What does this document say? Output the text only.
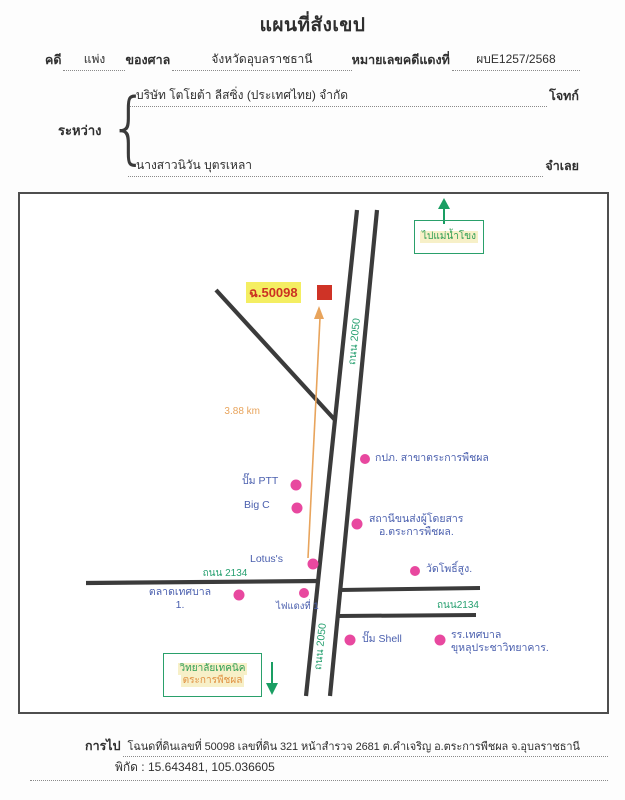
แผนที่สังเขป
คดี	แพ่ง	ของศาล	จังหวัดอุบลราชธานี	หมายเลขคดีแดงที่	ผบE1257/2568
บริษัท โตโยต้า ลีสซิ่ง (ประเทศไทย) จำกัด	โจทก์
ระหว่าง {
นางสาวนิวัน บุตรเหลา	จำเลย
ไปแม่น้ำโขง
ฉ.50098
3.88 km
ถนน 2050
ถนน 2050
ถนน 2134
ถนน2134
กปภ. สาขาตระการพืชผล
ปั๊ม PTT
Big C
สถานีขนส่งผู้โดยสาร
อ.ตระการพืชผล.
Lotus's
ตลาดเทศบาล
1.	ไฟแดงที่ 1
วัดโพธิ์สูง.
ปั๊ม Shell	รร.เทศบาล
ขุหลุประชาวิทยาคาร.
วิทยาลัยเทคนิค
ตระการพืชผล
การไป โฉนดที่ดินเลขที่ 50098 เลขที่ดิน 321 หน้าสำรวจ 2681 ต.คำเจริญ อ.ตระการพืชผล จ.อุบลราชธานี
พิกัด : 15.643481, 105.036605
